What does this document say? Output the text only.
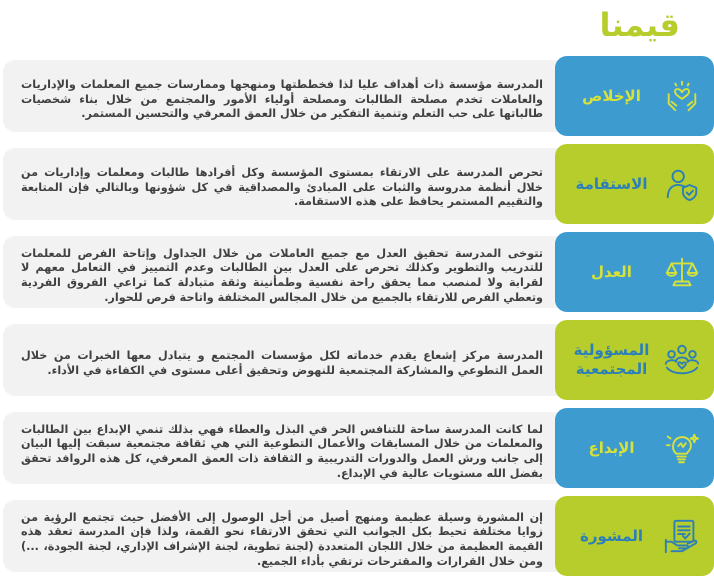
قيمنا

المدرسة مؤسسة ذات أهداف عليا لذا فخططتها ومنهجها وممارسات جميع المعلمات والإداريات والعاملات تخدم مصلحة الطالبات ومصلحة أولياء الأمور والمجتمع من خلال بناء شخصيات طالباتها على حب التعلم وتنمية التفكير من خلال العمق المعرفي والتحسين المستمر.

الإخلاص

تحرص المدرسة على الارتقاء بمستوى المؤسسة وكل أفرادها طالبات ومعلمات وإداريات من خلال أنظمة مدروسة والثبات على المبادئ والمصداقية في كل شؤونها وبالتالي فإن المتابعة والتقييم المستمر يحافظ على هذه الاستقامة.

الاستقامة

تتوخى المدرسة تحقيق العدل مع جميع العاملات من خلال الجداول وإتاحة الفرص للمعلمات للتدريب والتطوير وكذلك تحرص على العدل بين الطالبات وعدم التمييز في التعامل معهم لا لقرابة ولا لمنصب مما يحقق راحة نفسية وطمأنينة وثقة متبادلة كما تراعي الفروق الفردية وتعطي الفرص للارتقاء بالجميع من خلال المجالس المختلفة واتاحة فرص للحوار.

العدل

المدرسة مركز إشعاع يقدم خدماته لكل مؤسسات المجتمع و يتبادل معها الخبرات من خلال العمل التطوعي والمشاركة المجتمعية للنهوض وتحقيق أعلى مستوى في الكفاءة في الأداء.

المسؤولية المجتمعية

لما كانت المدرسة ساحة للتنافس الحر في البذل والعطاء فهي بذلك تنمي الإبداع بين الطالبات والمعلمات من خلال المسابقات والأعمال التطوعية التي هي ثقافة مجتمعية سبقت إليها البيان إلى جانب ورش العمل والدورات التدريبية و الثقافة ذات العمق المعرفي، كل هذه الروافد تحقق بفضل الله مستويات عالية في الإبداع.

الإبداع

إن المشورة وسيلة عظيمة ومنهج أصيل من أجل الوصول إلى الأفضل حيث تجتمع الرؤية من زوايا مختلفة تحيط بكل الجوانب التي تحقق الارتقاء نحو القمة، ولذا فإن المدرسة تعقد هذه القيمة العظيمة من خلال اللجان المتعددة (لجنة تطوية، لجنة الإشراف الإداري، لجنة الجودة، ...) ومن خلال القرارات والمقترحات ترتقي بأداء الجميع.

المشورة
